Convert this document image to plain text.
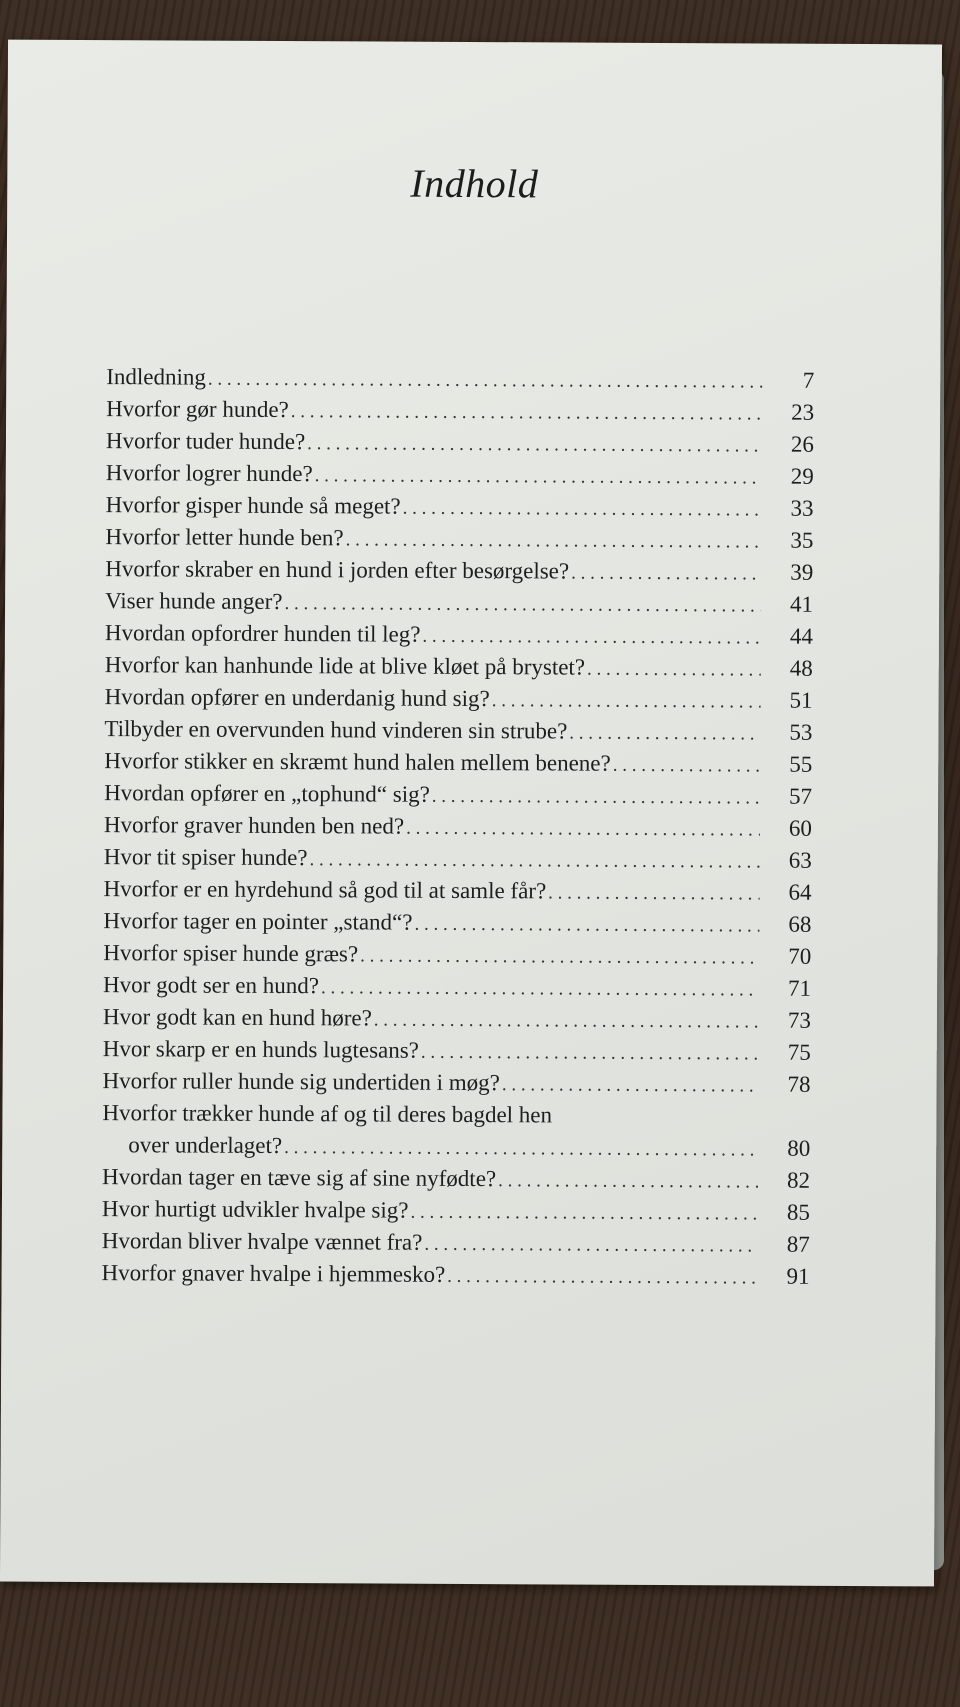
Indhold
Indledning . . .	7
Hvorfor gør hunde? . . .	23
Hvorfor tuder hunde? . . .	26
Hvorfor logrer hunde? . . .	29
Hvorfor gisper hunde så meget? . . .	33
Hvorfor letter hunde ben? . . .	35
Hvorfor skraber en hund i jorden efter besørgelse? . . .	39
Viser hunde anger? . . .	41
Hvordan opfordrer hunden til leg? . . .	44
Hvorfor kan hanhunde lide at blive kløet på brystet? . . .	48
Hvordan opfører en underdanig hund sig? . . .	51
Tilbyder en overvunden hund vinderen sin strube? . . .	53
Hvorfor stikker en skræmt hund halen mellem benene? . . .	55
Hvordan opfører en „tophund“ sig? . . .	57
Hvorfor graver hunden ben ned? . . .	60
Hvor tit spiser hunde? . . .	63
Hvorfor er en hyrdehund så god til at samle får? . . .	64
Hvorfor tager en pointer „stand“? . . .	68
Hvorfor spiser hunde græs? . . .	70
Hvor godt ser en hund? . . .	71
Hvor godt kan en hund høre? . . .	73
Hvor skarp er en hunds lugtesans? . . .	75
Hvorfor ruller hunde sig undertiden i møg? . . .	78
Hvorfor trækker hunde af og til deres bagdel hen
over underlaget? . . .	80
Hvordan tager en tæve sig af sine nyfødte? . . .	82
Hvor hurtigt udvikler hvalpe sig? . . .	85
Hvordan bliver hvalpe vænnet fra? . . .	87
Hvorfor gnaver hvalpe i hjemmesko? . . .	91
